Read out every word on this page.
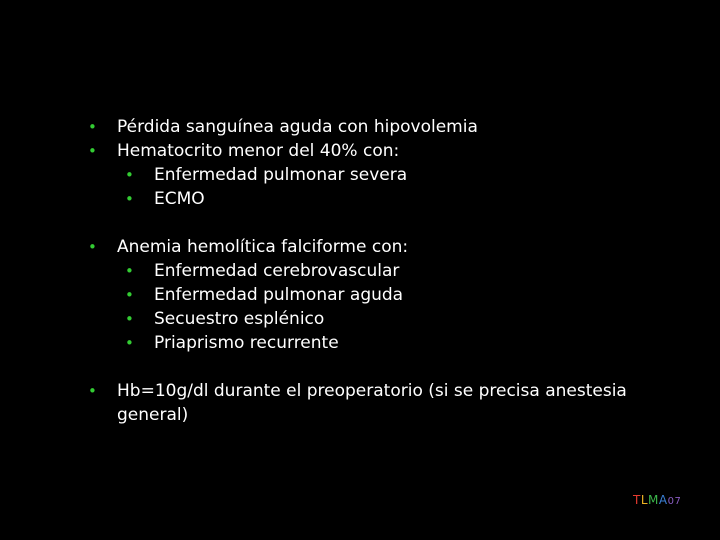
• Pérdida sanguínea aguda con hipovolemia
• Hematocrito menor del 40% con:
• Enfermedad pulmonar severa
• ECMO
• Anemia hemolítica falciforme con:
• Enfermedad cerebrovascular
• Enfermedad pulmonar aguda
• Secuestro esplénico
• Priaprismo recurrente
• Hb=10g/dl durante el preoperatorio (si se precisa anestesia general)
TLMA07
